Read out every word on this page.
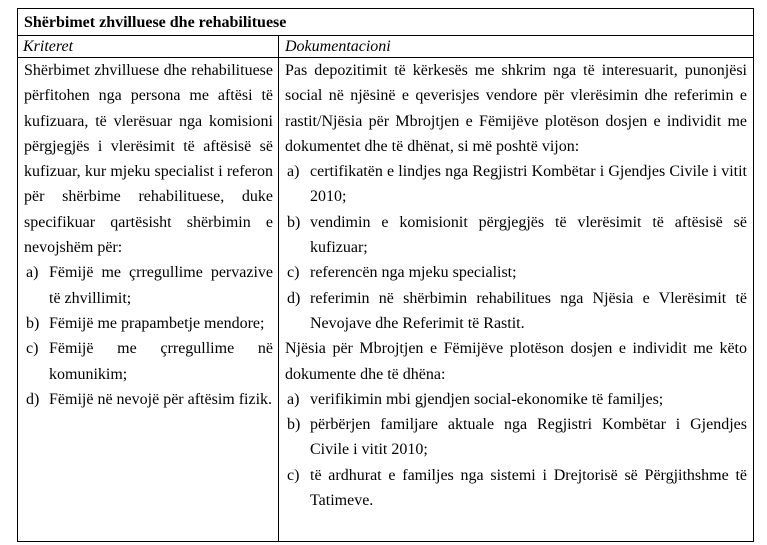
Shërbimet zhvilluese dhe rehabilituese
Kriteret	Dokumentacioni

Shërbimet zhvilluese dhe rehabilituese përfitohen nga persona me aftësi të kufizuara, të vlerësuar nga komisioni përgjegjës i vlerësimit të aftësisë së kufizuar, kur mjeku specialist i referon për shërbime rehabilituese, duke specifikuar qartësisht shërbimin e nevojshëm për:

a) Fëmijë me çrregullime pervazive të zhvillimit;
b) Fëmijë me prapambetje mendore;
c) Fëmijë me çrregullime në komunikim;
d) Fëmijë në nevojë për aftësim fizik.

Pas depozitimit të kërkesës me shkrim nga të interesuarit, punonjësi social në njësinë e qeverisjes vendore për vlerësimin dhe referimin e rastit/Njësia për Mbrojtjen e Fëmijëve plotëson dosjen e individit me dokumentet dhe të dhënat, si më poshtë vijon:

a) certifikatën e lindjes nga Regjistri Kombëtar i Gjendjes Civile i vitit 2010;
b) vendimin e komisionit përgjegjës të vlerësimit të aftësisë së kufizuar;
c) referencën nga mjeku specialist;
d) referimin në shërbimin rehabilitues nga Njësia e Vlerësimit të Nevojave dhe Referimit të Rastit.

Njësia për Mbrojtjen e Fëmijëve plotëson dosjen e individit me këto dokumente dhe të dhëna:

a) verifikimin mbi gjendjen social-ekonomike të familjes;
b) përbërjen familjare aktuale nga Regjistri Kombëtar i Gjendjes Civile i vitit 2010;
c) të ardhurat e familjes nga sistemi i Drejtorisë së Përgjithshme të Tatimeve.
